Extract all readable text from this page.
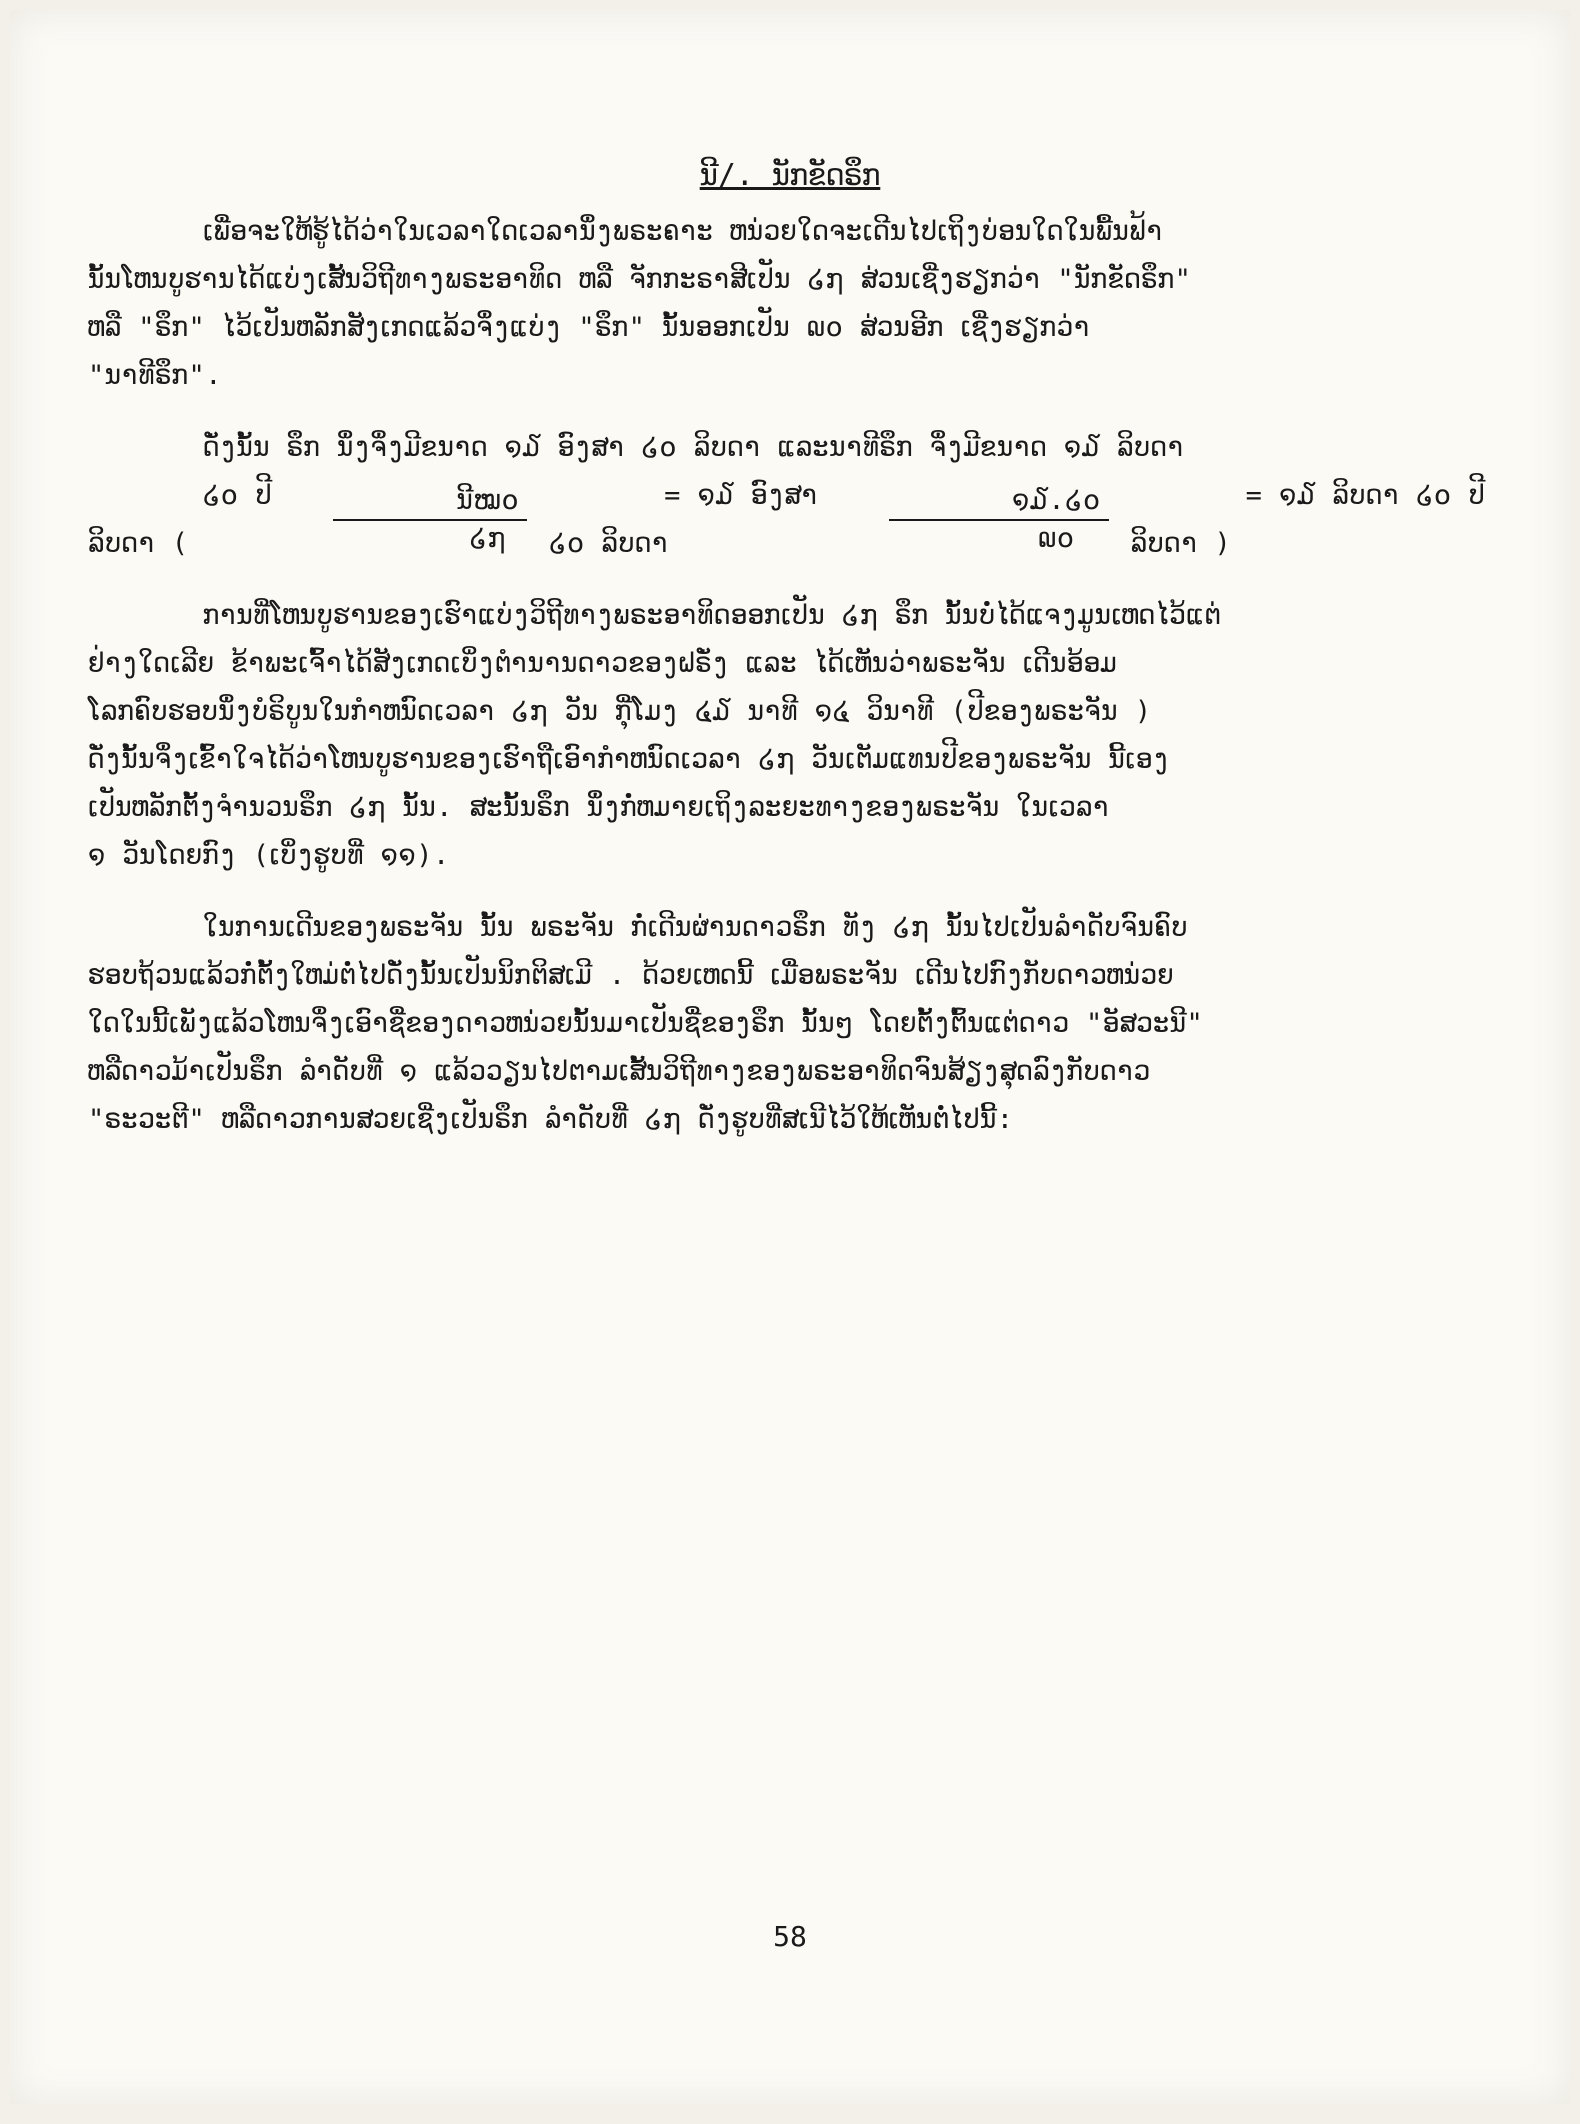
ນີ/. ນັກຂັດຣຶກ
ເພື່ອຈະໃຫ້ຮູ້ໄດ້ວ່າໃນເວລາໃດເວລານຶ່ງພຣະຄາະ ຫນ່ວຍໃດຈະເດີນໄປເຖິງບ່ອນໃດໃນພື້ນຟ້າ
ນັ້ນໂຫນບູຮານໄດ້ແບ່ງເສັ້ນວິຖີທາງພຣະອາທິດ ຫລື ຈັກກະຣາສີເປັນ ໒໗ ສ່ວນເຊີ່ງຮຽກວ່າ "ນັກຂັດຣຶກ"
ຫລື "ຣຶກ" ໄວ້ເປັນຫລັກສັງເກດແລ້ວຈຶ່ງແບ່ງ "ຣຶກ" ນັ້ນອອກເປັນ ໙໐ ສ່ວນອີກ ເຊີ່ງຮຽກວ່າ
"ນາທີຣຶກ".
ດັ່ງນັ້ນ ຣຶກ ນຶ່ງຈຶ່ງມີຂນາດ ໑໓ ອົງສາ ໒໐ ລິບດາ ແລະນາທີຣຶກ ຈຶ່ງມີຂນາດ ໑໓ ລິບດາ
໒໐ ປີລິບດາ (	$\frac{\text{ນີໝ໐}}{໒໗}$	= ໑໓ ອົງສາ ໒໐ ລິບດາ	$\frac{໑໓.໒໐}{໙໐}$	= ໑໓ ລິບດາ ໒໐ ປີລິບດາ )
ການທີ່ໂຫນບູຮານຂອງເຮົາແບ່ງວິຖີທາງພຣະອາທິດອອກເປັນ ໒໗ ຣຶກ ນັ້ນບໍ່ໄດ້ແຈງມູນເຫດໄວ້ແຕ່
ຢ່າງໃດເລີຍ ຂ້າພະເຈົ້າໄດ້ສັງເກດເບິ່ງຕຳນານດາວຂອງຝຣັ່ງ ແລະ ໄດ້ເຫັນວ່າພຣະຈັນ ເດີນອ້ອມ
ໂລກຄົບຮອບນຶ່ງບໍຣິບູນໃນກຳຫນົດເວລາ ໒໗ ວັນ ກຸ່ີ່ໂມງ ໔໓ ນາທີ ໑໔ ວິນາທີ (ປີຂອງພຣະຈັນ )
ດັ່ງນັ້ນຈຶ່ງເຂົ້າໃຈໄດ້ວ່າໂຫນບູຮານຂອງເຮົາຖືເອົາກຳຫນົດເວລາ ໒໗ ວັນເຕັມແທນປີຂອງພຣະຈັນ ນີ້ເອງ
ເປັນຫລັກຕັ້ງຈຳນວນຣຶກ ໒໗ ນັ້ນ. ສະນັ້ນຣຶກ ນຶ່ງກໍ່ຫມາຍເຖິງລະຍະທາງຂອງພຣະຈັນ ໃນເວລາ
໑ ວັນໂດຍກົງ (ເບິ່ງຮູບທີ່ ໑໑).
ໃນການເດີນຂອງພຣະຈັນ ນັ້ນ ພຣະຈັນ ກໍ່ເດີນຜ່ານດາວຣຶກ ທັງ ໒໗ ນັ້ນໄປເປັນລຳດັບຈົນຄົບ
ຮອບຖ້ວນແລ້ວກໍ່ຕັ້ງໃຫມ່ຕໍ່ໄປດັ່ງນັ້ນເປັນນິກຕິສເມີ . ດ້ວຍເຫດນີ້ ເມື່ອພຣະຈັນ ເດີນໄປກົງກັບດາວຫນ່ວຍ
ໃດໃນນີ້ເພັງແລ້ວໂຫນຈຶ່ງເອົາຊື່ຂອງດາວຫນ່ວຍນັ້ນມາເປັນຊື່ຂອງຣຶກ ນັ້ນໆ ໂດຍຕັ້ງຕົ້ນແຕ່ດາວ "ອັສວະນີ"
ຫລືດາວມ້າເປັນຣຶກ ລຳດັບທີ່ ໑ ແລ້ວວຽນໄປຕາມເສັ້ນວິຖີທາງຂອງພຣະອາທິດຈົນສ້ຽງສຸດລົງກັບດາວ
"ຣະວະຕີ" ຫລືດາວການສວຍເຊີ່ງເປັນຣຶກ ລຳດັບທີ່ ໒໗ ດັ່ງຮູບທີ່ສເນີໄວ້ໃຫ້ເຫັນຕໍ່ໄປນີ້:
58
